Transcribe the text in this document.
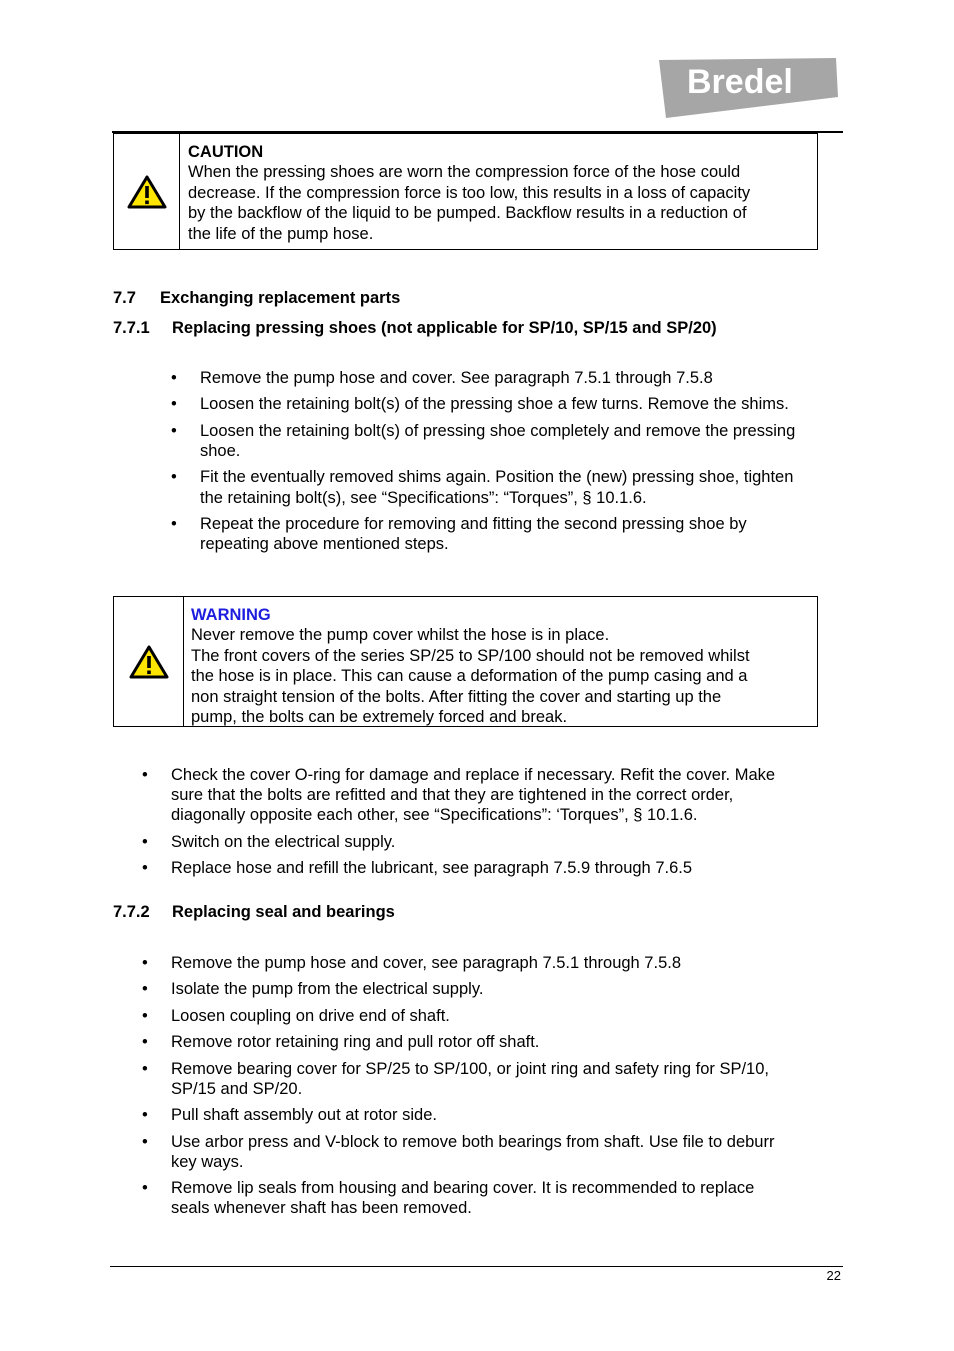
Bredel
CAUTION
When the pressing shoes are worn the compression force of the hose could
decrease. If the compression force is too low, this results in a loss of capacity
by the backflow of the liquid to be pumped. Backflow results in a reduction of
the life of the pump hose.
7.7 Exchanging replacement parts
7.7.1 Replacing pressing shoes (not applicable for SP/10, SP/15 and SP/20)
• Remove the pump hose and cover. See paragraph 7.5.1 through 7.5.8
• Loosen the retaining bolt(s) of the pressing shoe a few turns. Remove the shims.
• Loosen the retaining bolt(s) of pressing shoe completely and remove the pressing
shoe.
• Fit the eventually removed shims again. Position the (new) pressing shoe, tighten
the retaining bolt(s), see “Specifications”: “Torques”, § 10.1.6.
• Repeat the procedure for removing and fitting the second pressing shoe by
repeating above mentioned steps.
WARNING
Never remove the pump cover whilst the hose is in place.
The front covers of the series SP/25 to SP/100 should not be removed whilst
the hose is in place. This can cause a deformation of the pump casing and a
non straight tension of the bolts. After fitting the cover and starting up the
pump, the bolts can be extremely forced and break.
• Check the cover O-ring for damage and replace if necessary. Refit the cover. Make
sure that the bolts are refitted and that they are tightened in the correct order,
diagonally opposite each other, see “Specifications”: ‘Torques”, § 10.1.6.
• Switch on the electrical supply.
• Replace hose and refill the lubricant, see paragraph 7.5.9 through 7.6.5
7.7.2 Replacing seal and bearings
• Remove the pump hose and cover, see paragraph 7.5.1 through 7.5.8
• Isolate the pump from the electrical supply.
• Loosen coupling on drive end of shaft.
• Remove rotor retaining ring and pull rotor off shaft.
• Remove bearing cover for SP/25 to SP/100, or joint ring and safety ring for SP/10,
SP/15 and SP/20.
• Pull shaft assembly out at rotor side.
• Use arbor press and V-block to remove both bearings from shaft. Use file to deburr
key ways.
• Remove lip seals from housing and bearing cover. It is recommended to replace
seals whenever shaft has been removed.
22
